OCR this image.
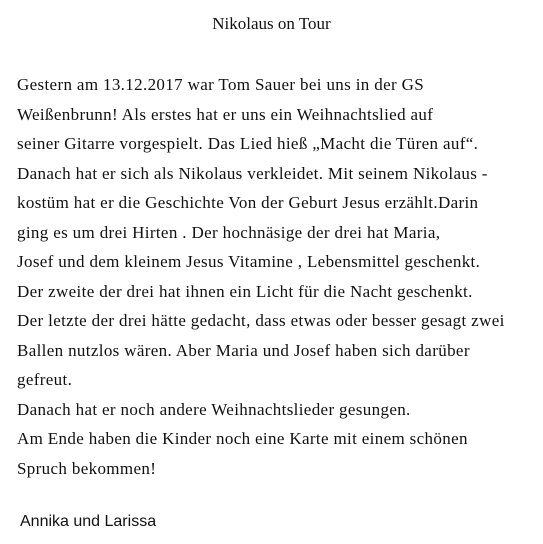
Nikolaus on Tour
Gestern am 13.12.2017 war Tom Sauer bei uns in der GS
Weißenbrunn! Als erstes hat er uns ein Weihnachtslied auf
seiner Gitarre vorgespielt. Das Lied hieß „Macht die Türen auf“.
Danach hat er sich als Nikolaus verkleidet. Mit seinem Nikolaus -
kostüm hat er die Geschichte Von der Geburt Jesus erzählt.Darin
ging es um drei Hirten . Der hochnäsige der drei hat Maria,
Josef und dem kleinem Jesus Vitamine , Lebensmittel geschenkt.
Der zweite der drei hat ihnen ein Licht für die Nacht geschenkt.
Der letzte der drei hätte gedacht, dass etwas oder besser gesagt zwei
Ballen nutzlos wären. Aber Maria und Josef haben sich darüber
gefreut.
Danach hat er noch andere Weihnachtslieder gesungen.
Am Ende haben die Kinder noch eine Karte mit einem schönen
Spruch bekommen!

Annika und Larissa
